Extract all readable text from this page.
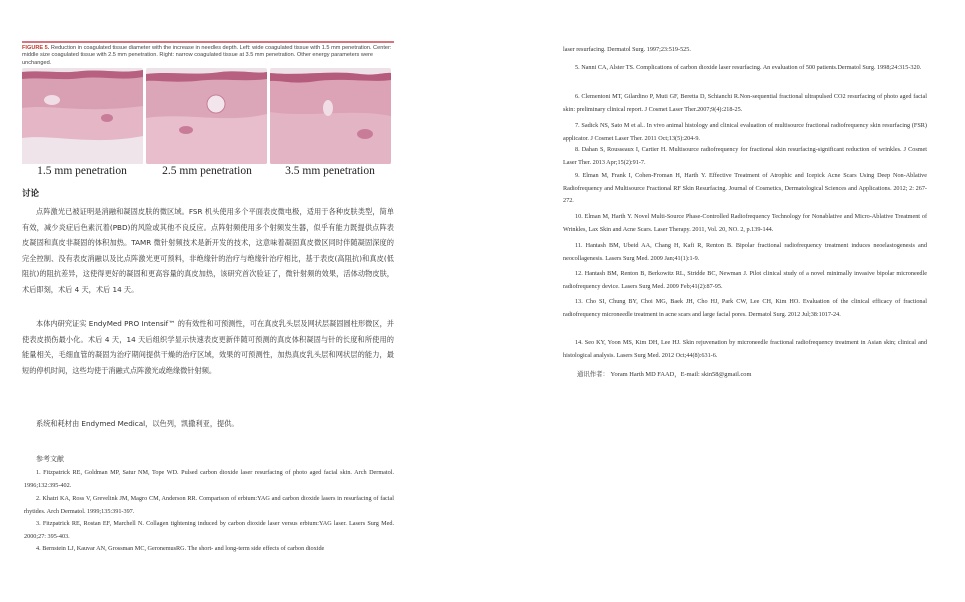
FIGURE 5. Reduction in coagulated tissue diameter with the increase in needles depth. Left: wide coagulated tissue with 1.5 mm penetration. Center: middle size coagulated tissue with 2.5 mm penetration. Right: narrow coagulated tissue at 3.5 mm penetration. Other energy parameters were unchanged.
1.5 mm penetration	2.5 mm penetration	3.5 mm penetration
讨论

点阵激光已被证明是消融和凝固皮肤的微区域。FSR 机头使用多个平面表皮微电极，适用于各种皮肤类型，简单有效，减少炎症后色素沉着(PBD)的风险或其他不良反应。点阵射频使用多个射频发生器，似乎有能力既提供点阵表皮凝固和真皮非凝固的体积加热。TAMR 微针射频技术是新开发的技术，这意味着凝固真皮微区同时伴随凝固深度的完全控制、没有表皮消融以及比点阵激光更可预料，非绝缘针的治疗与绝缘针治疗相比，基于表皮(高阻抗)和真皮(低阻抗)的阻抗差异，这使得更好的凝固和更高容量的真皮加热，该研究首次验证了，微针射频的效果，活体动物皮肤，术后即刻，术后 4 天，术后 14 天。

本体内研究证实 EndyMed PRO Intensif™ 的有效性和可预测性，可在真皮乳头层及网状层凝固圆柱形微区，并使表皮损伤最小化。术后 4 天，14 天后组织学显示快速表皮更新伴随可预测的真皮体积凝固与针的长度和所使用的能量相关，毛细血管的凝固为治疗期间提供干燥的治疗区域，效果的可预测性，加热真皮乳头层和网状层的能力，最短的停机时间，这些均使于消融式点阵激光或绝缘微针射频。

系统和耗材由 Endymed Medical，以色列，凯撒利亚，提供。

参考文献

1. Fitzpatrick RE, Goldman MP, Satur NM, Tope WD. Pulsed carbon dioxide laser resurfacing of photo aged facial skin. Arch Dermatol. 1996;132:395-402.

2. Khatri KA, Ross V, Grevelink JM, Magro CM, Anderson RR. Comparison of erbium:YAG and carbon dioxide lasers in resurfacing of facial rhytides. Arch Dermatol. 1999;135:391-397.

3. Fitzpatrick RE, Rostan EF, Marchell N. Collagen tightening induced by carbon dioxide laser versus erbium:YAG laser. Lasers Surg Med. 2000;27: 395-403.

4. Bernstein LJ, Kauvar AN, Grossman MC, GeronemusRG. The short- and long-term side effects of carbon dioxide

laser resurfacing. Dermatol Surg. 1997;23:519-525.

5. Nanni CA, Alster TS. Complications of carbon dioxide laser resurfacing. An evaluation of 500 patients.Dermatol Surg. 1998;24:315-320.

6. Clementoni MT, Gilardino P, Muti GF, Beretta D, Schianchi R.Non-sequential fractional ultrapulsed CO2 resurfacing of photo aged facial skin: preliminary clinical report. J Cosmet Laser Ther.2007;9(4):218-25.

7. Sadick NS, Sato M et al.. In vivo animal histology and clinical evaluation of multisource fractional radiofrequency skin resurfacing (FSR) applicator. J Cosmet Laser Ther. 2011 Oct;13(5):204-9.

8. Dahan S, Rousseaux I, Cartier H. Multisource radiofrequency for fractional skin resurfacing-significant reduction of wrinkles. J Cosmet Laser Ther. 2013 Apr;15(2):91-7.

9. Elman M, Frank I, Cohen-Froman H, Harth Y. Effective Treatment of Atrophic and Icepick Acne Scars Using Deep Non-Ablative Radiofrequency and Multisource Fractional RF Skin Resurfacing. Journal of Cosmetics, Dermatological Sciences and Applications. 2012; 2: 267-272.

10. Elman M, Harth Y. Novel Multi-Source Phase-Controlled Radiofrequency Technology for Nonablative and Micro-Ablative Treatment of Wrinkles, Lax Skin and Acne Scars. Laser Therapy. 2011, Vol. 20, NO. 2, p.139-144.

11. Hantash BM, Ubeid AA, Chang H, Kafi R, Renton B. Bipolar fractional radiofrequency treatment induces neoelastogenesis and neocollagenesis. Lasers Surg Med. 2009 Jan;41(1):1-9.

12. Hantash BM, Renton B, Berkowitz RL, Stridde BC, Newman J. Pilot clinical study of a novel minimally invasive bipolar microneedle radiofrequency device. Lasers Surg Med. 2009 Feb;41(2):87-95.

13. Cho SI, Chung BY, Choi MG, Baek JH, Cho HJ, Park CW, Lee CH, Kim HO. Evaluation of the clinical efficacy of fractional radiofrequency microneedle treatment in acne scars and large facial pores. Dermatol Surg. 2012 Jul;38:1017-24.

14. Seo KY, Yoon MS, Kim DH, Lee HJ. Skin rejuvenation by microneedle fractional radiofrequency treatment in Asian skin; clinical and histological analysis. Lasers Surg Med. 2012 Oct;44(8):631-6.

通讯作者： Yoram Harth MD FAAD，E-mail: skin58@gmail.com
